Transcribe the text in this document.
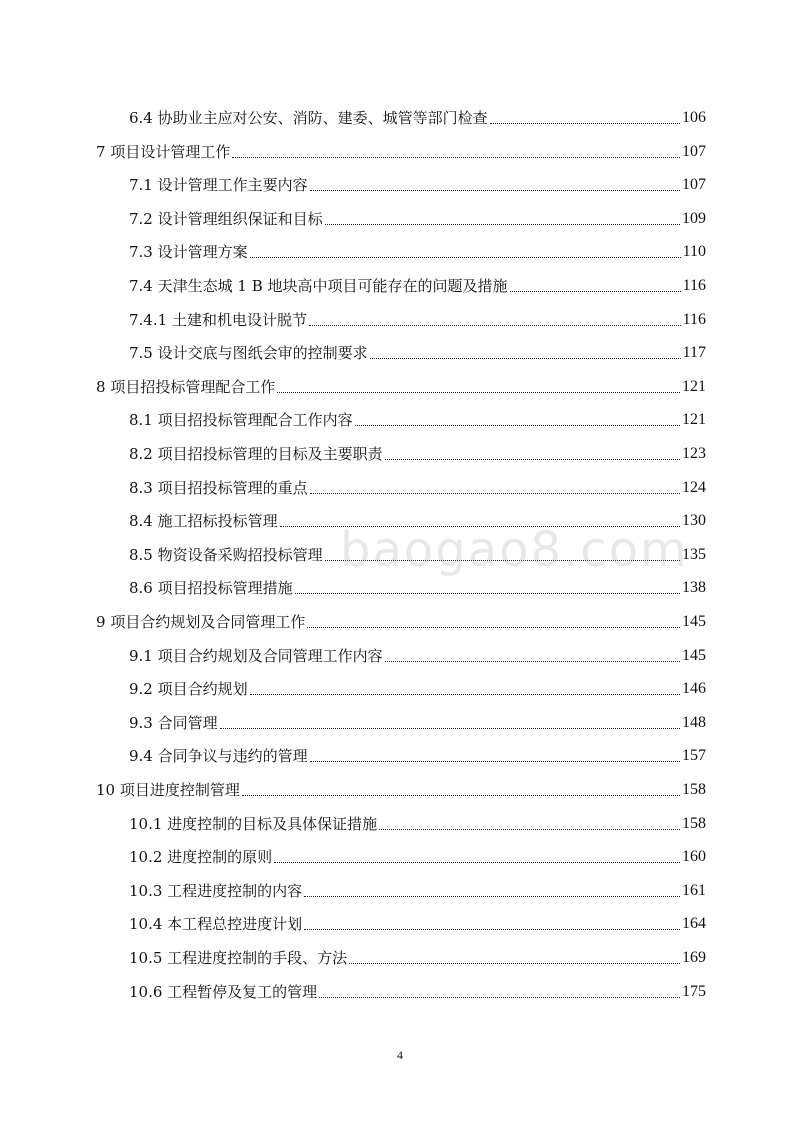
6.4 协助业主应对公安、消防、建委、城管等部门检查	106
7 项目设计管理工作	107
7.1 设计管理工作主要内容	107
7.2 设计管理组织保证和目标	109
7.3 设计管理方案	110
7.4 天津生态城 1 B 地块高中项目可能存在的问题及措施	116
7.4.1 土建和机电设计脱节	116
7.5 设计交底与图纸会审的控制要求	117
8 项目招投标管理配合工作	121
8.1 项目招投标管理配合工作内容	121
8.2 项目招投标管理的目标及主要职责	123
8.3 项目招投标管理的重点	124
8.4 施工招标投标管理	130
8.5 物资设备采购招投标管理	135
8.6 项目招投标管理措施	138
9 项目合约规划及合同管理工作	145
9.1 项目合约规划及合同管理工作内容	145
9.2 项目合约规划	146
9.3 合同管理	148
9.4 合同争议与违约的管理	157
10 项目进度控制管理	158
10.1 进度控制的目标及具体保证措施	158
10.2 进度控制的原则	160
10.3 工程进度控制的内容	161
10.4 本工程总控进度计划	164
10.5 工程进度控制的手段、方法	169
10.6 工程暂停及复工的管理	175
baogao8.com
4
